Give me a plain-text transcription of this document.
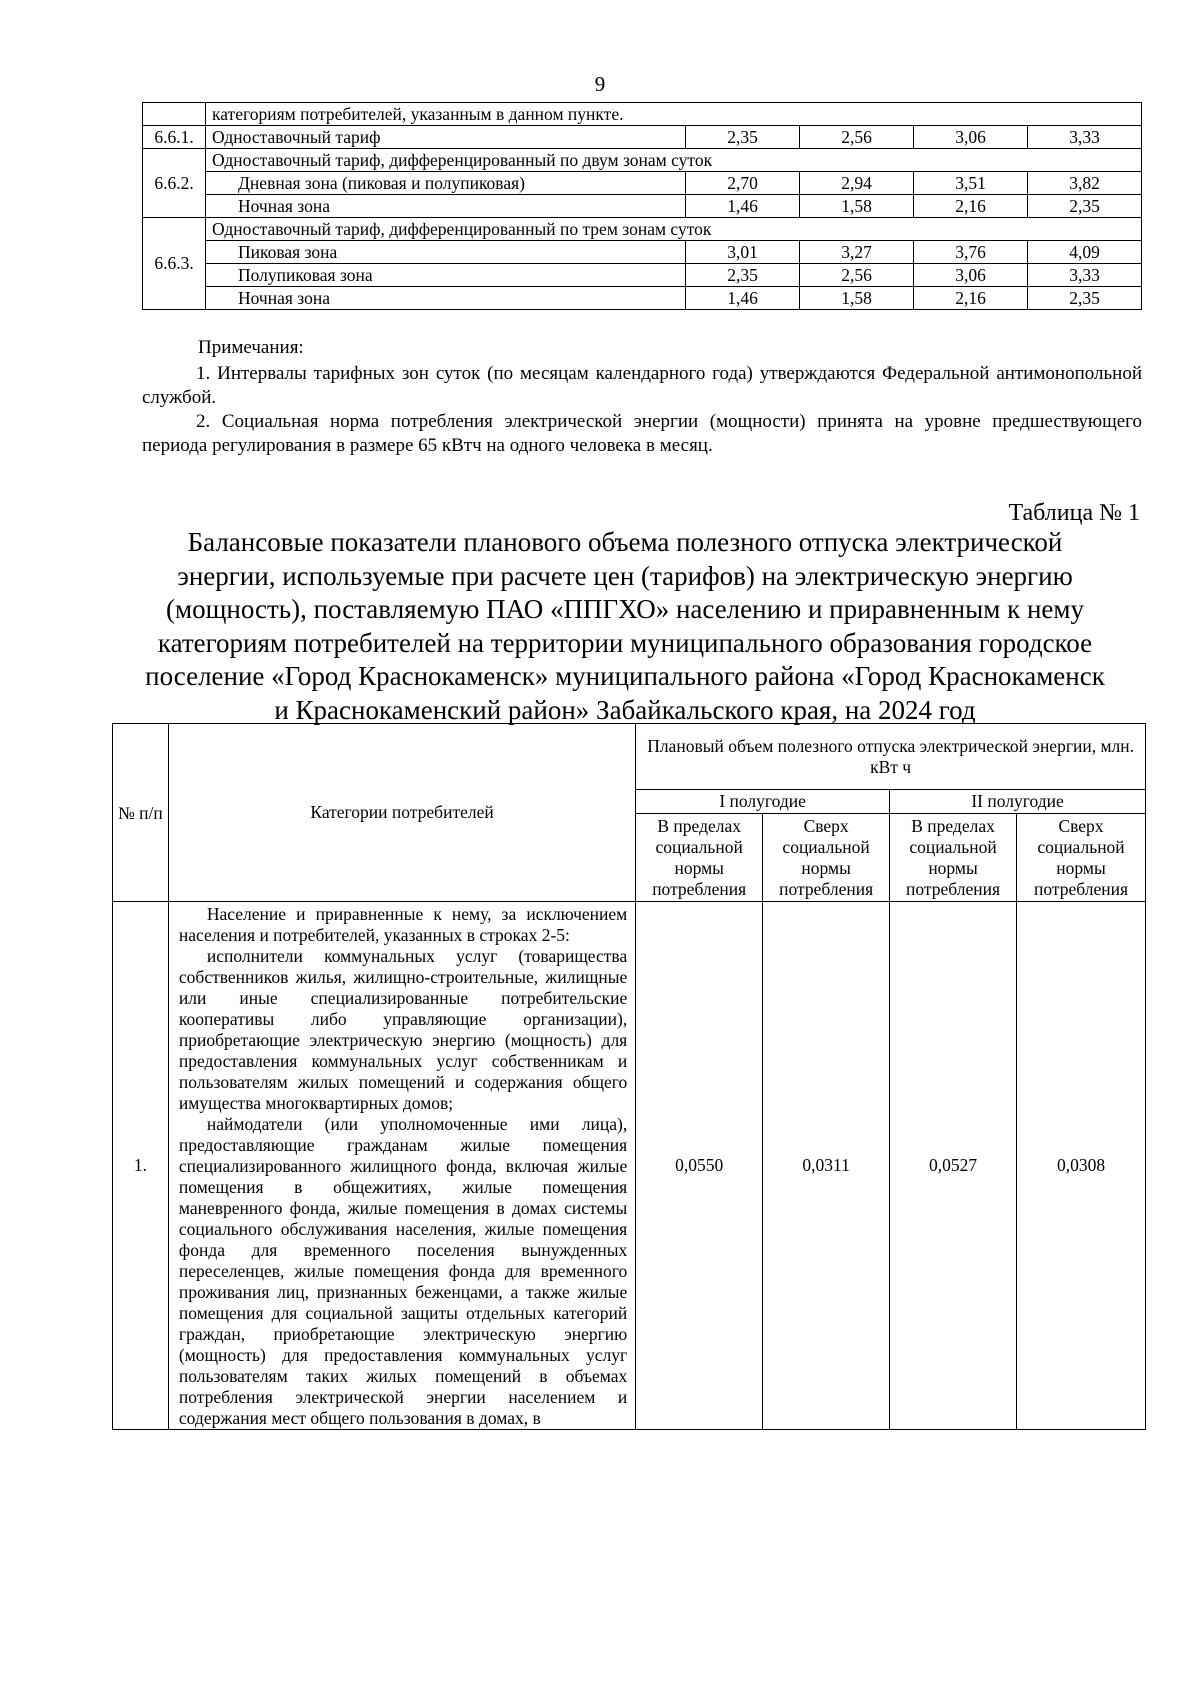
9
	категориям потребителей, указанным в данном пункте.				
6.6.1.	Одноставочный тариф	2,35	2,56	3,06	3,33
6.6.2.	Одноставочный тариф, дифференцированный по двум зонам суток				
	Дневная зона (пиковая и полупиковая)	2,70	2,94	3,51	3,82
	Ночная зона	1,46	1,58	2,16	2,35
6.6.3.	Одноставочный тариф, дифференцированный по трем зонам суток				
	Пиковая зона	3,01	3,27	3,76	4,09
	Полупиковая зона	2,35	2,56	3,06	3,33
	Ночная зона	1,46	1,58	2,16	2,35

Примечания:

1. Интервалы тарифных зон суток (по месяцам календарного года) утверждаются Федеральной антимонопольной службой.

2. Социальная норма потребления электрической энергии (мощности) принята на уровне предшествующего периода регулирования в размере 65 кВтч на одного человека в месяц.

Таблица № 1
Балансовые показатели планового объема полезного отпуска электрической
энергии, используемые при расчете цен (тарифов) на электрическую энергию
(мощность), поставляемую ПАО «ППГХО» населению и приравненным к нему
категориям потребителей на территории муниципального образования городское
поселение «Город Краснокаменск» муниципального района «Город Краснокаменск
и Краснокаменский район» Забайкальского края, на 2024 год
№ п/п	Категории потребителей	Плановый объем полезного отпуска электрической энергии, млн. кВт ч			
		I полугодие		II полугодие	
		В пределах социальной нормы потребления	Сверх социальной нормы потребления	В пределах социальной нормы потребления	Сверх социальной нормы потребления
1.	Население и приравненные к нему, за исключением населения и потребителей, указанных в строках 2-5:

исполнители коммунальных услуг (товарищества собственников жилья, жилищно-строительные, жилищные или иные специализированные потребительские кооперативы либо управляющие организации), приобретающие электрическую энергию (мощность) для предоставления коммунальных услуг собственникам и пользователям жилых помещений и содержания общего имущества многоквартирных домов;

наймодатели (или уполномоченные ими лица), предоставляющие гражданам жилые помещения специализированного жилищного фонда, включая жилые помещения в общежитиях, жилые помещения маневренного фонда, жилые помещения в домах системы социального обслуживания населения, жилые помещения фонда для временного поселения вынужденных переселенцев, жилые помещения фонда для временного проживания лиц, признанных беженцами, а также жилые помещения для социальной защиты отдельных категорий граждан, приобретающие электрическую энергию (мощность) для предоставления коммунальных услуг пользователям таких жилых помещений в объемах потребления электрической энергии населением и содержания мест общего пользования в домах, в	0,0550	0,0311	0,0527	0,0308
